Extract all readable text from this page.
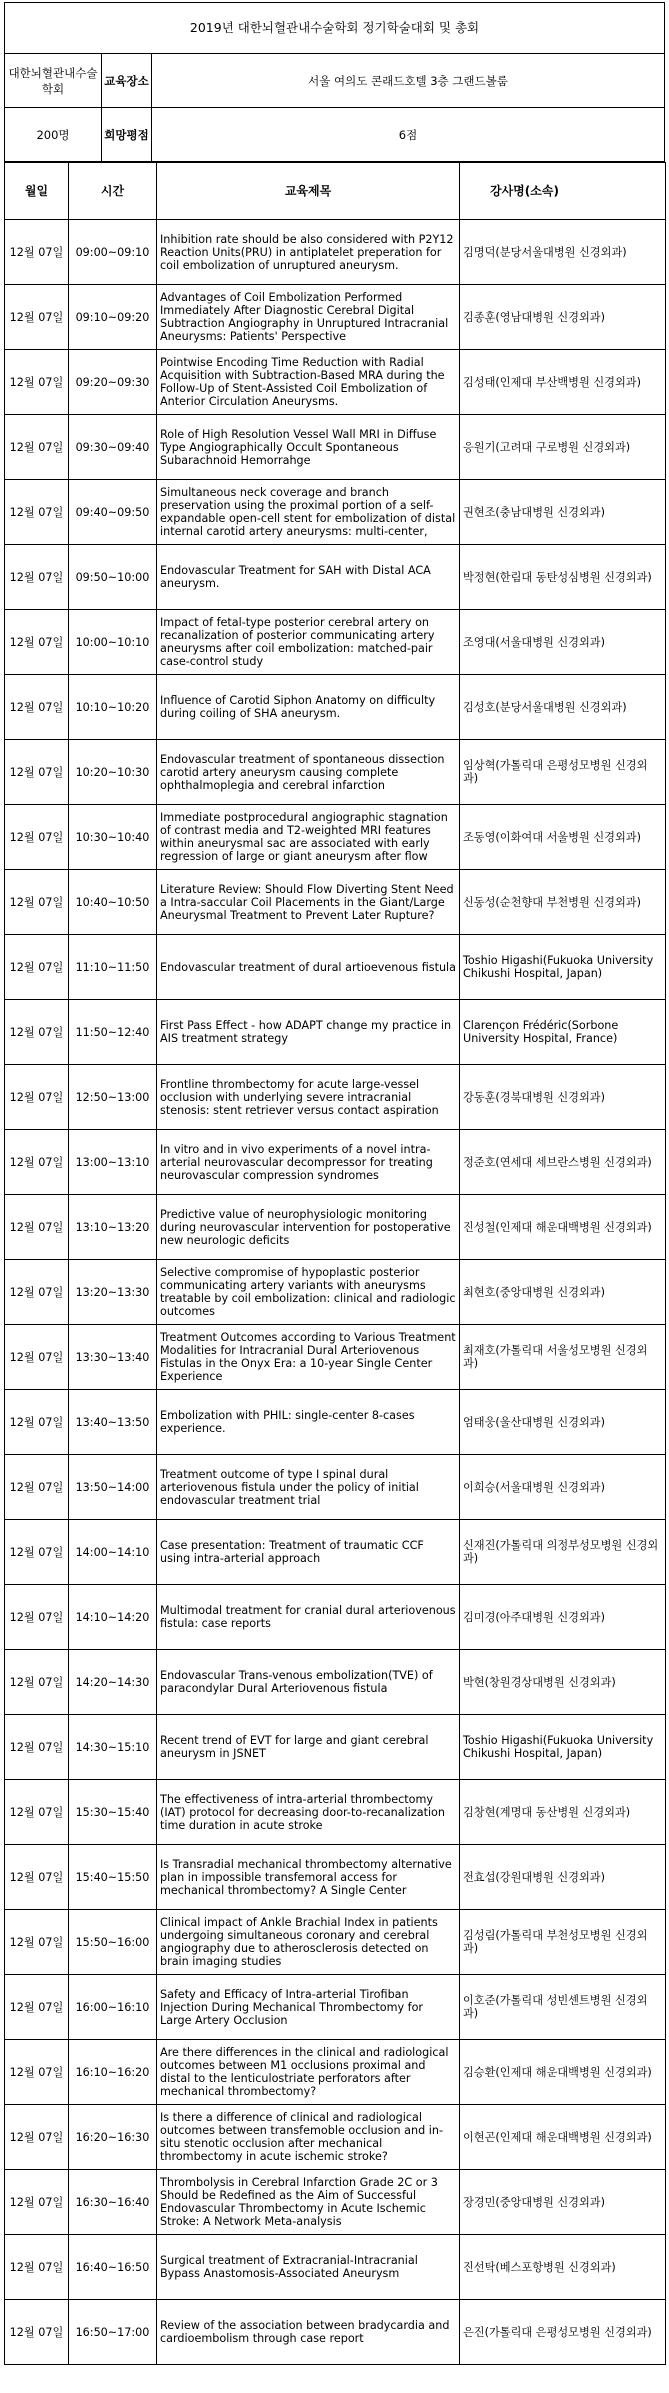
2019년 대한뇌혈관내수술학회 정기학술대회 및 총회
대한뇌혈관내수술학회	교육장소	서울 여의도 콘래드호텔 3층 그랜드볼룸
200명	희망평점	6점
월일	시간	교육제목	강사명(소속)
12월 07일	09:00~09:10	Inhibition rate should be also considered with P2Y12 Reaction Units(PRU) in antiplatelet preperation for coil embolization of unruptured aneurysm.	김명덕(분당서울대병원 신경외과)
12월 07일	09:10~09:20	Advantages of Coil Embolization Performed Immediately After Diagnostic Cerebral Digital Subtraction Angiography in Unruptured Intracranial Aneurysms: Patients' Perspective	김종훈(영남대병원 신경외과)
12월 07일	09:20~09:30	Pointwise Encoding Time Reduction with Radial Acquisition with Subtraction-Based MRA during the Follow-Up of Stent-Assisted Coil Embolization of Anterior Circulation Aneurysms.	김성태(인제대 부산백병원 신경외과)
12월 07일	09:30~09:40	Role of High Resolution Vessel Wall MRI in Diffuse Type Angiographically Occult Spontaneous Subarachnoid Hemorrahge	응원기(고려대 구로병원 신경외과)
12월 07일	09:40~09:50	Simultaneous neck coverage and branch preservation using the proximal portion of a self-expandable open-cell stent for embolization of distal internal carotid artery aneurysms: multi-center,	권현조(충남대병원 신경외과)
12월 07일	09:50~10:00	Endovascular Treatment for SAH with Distal ACA aneurysm.	박정현(한림대 동탄성심병원 신경외과)
12월 07일	10:00~10:10	Impact of fetal-type posterior cerebral artery on recanalization of posterior communicating artery aneurysms after coil embolization: matched-pair case-control study	조영대(서울대병원 신경외과)
12월 07일	10:10~10:20	Influence of Carotid Siphon Anatomy on difficulty during coiling of SHA aneurysm.	김성호(분당서울대병원 신경외과)
12월 07일	10:20~10:30	Endovascular treatment of spontaneous dissection carotid artery aneurysm causing complete ophthalmoplegia and cerebral infarction	임상혁(가톨릭대 은평성모병원 신경외과)
12월 07일	10:30~10:40	Immediate postprocedural angiographic stagnation of contrast media and T2-weighted MRI features within aneurysmal sac are associated with early regression of large or giant aneurysm after flow	조동영(이화여대 서울병원 신경외과)
12월 07일	10:40~10:50	Literature Review: Should Flow Diverting Stent Need a Intra-saccular Coil Placements in the Giant/Large Aneurysmal Treatment to Prevent Later Rupture?	신동성(순천향대 부천병원 신경외과)
12월 07일	11:10~11:50	Endovascular treatment of dural artioevenous fistula	Toshio Higashi(Fukuoka University Chikushi Hospital, Japan)
12월 07일	11:50~12:40	First Pass Effect - how ADAPT change my practice in AIS treatment strategy	Clarençon Frédéric(Sorbone University Hospital, France)
12월 07일	12:50~13:00	Frontline thrombectomy for acute large-vessel occlusion with underlying severe intracranial stenosis: stent retriever versus contact aspiration	강동훈(경북대병원 신경외과)
12월 07일	13:00~13:10	In vitro and in vivo experiments of a novel intra-arterial neurovascular decompressor for treating neurovascular compression syndromes	정준호(연세대 세브란스병원 신경외과)
12월 07일	13:10~13:20	Predictive value of neurophysiologic monitoring during neurovascular intervention for postoperative new neurologic deficits	진성철(인제대 해운대백병원 신경외과)
12월 07일	13:20~13:30	Selective compromise of hypoplastic posterior communicating artery variants with aneurysms treatable by coil embolization: clinical and radiologic outcomes	최현호(중앙대병원 신경외과)
12월 07일	13:30~13:40	Treatment Outcomes according to Various Treatment Modalities for Intracranial Dural Arteriovenous Fistulas in the Onyx Era: a 10-year Single Center Experience	최재호(가톨릭대 서울성모병원 신경외과)
12월 07일	13:40~13:50	Embolization with PHIL: single-center 8-cases experience.	엄태웅(울산대병원 신경외과)
12월 07일	13:50~14:00	Treatment outcome of type I spinal dural arteriovenous fistula under the policy of initial endovascular treatment trial	이희승(서울대병원 신경외과)
12월 07일	14:00~14:10	Case presentation: Treatment of traumatic CCF using intra-arterial approach	신재진(가톨릭대 의정부성모병원 신경외과)
12월 07일	14:10~14:20	Multimodal treatment for cranial dural arteriovenous fistula: case reports	김미경(아주대병원 신경외과)
12월 07일	14:20~14:30	Endovascular Trans-venous embolization(TVE) of paracondylar Dural Arteriovenous fistula	박현(창원경상대병원 신경외과)
12월 07일	14:30~15:10	Recent trend of EVT for large and giant cerebral aneurysm in JSNET	Toshio Higashi(Fukuoka University Chikushi Hospital, Japan)
12월 07일	15:30~15:40	The effectiveness of intra-arterial thrombectomy (IAT) protocol for decreasing door-to-recanalization time duration in acute stroke	김창현(계명대 동산병원 신경외과)
12월 07일	15:40~15:50	Is Transradial mechanical thrombectomy alternative plan in impossible transfemoral access for mechanical thrombectomy? A Single Center	전효섭(강원대병원 신경외과)
12월 07일	15:50~16:00	Clinical impact of Ankle Brachial Index in patients undergoing simultaneous coronary and cerebral angiography due to atherosclerosis detected on brain imaging studies	김성림(가톨릭대 부천성모병원 신경외과)
12월 07일	16:00~16:10	Safety and Efficacy of Intra-arterial Tirofiban Injection During Mechanical Thrombectomy for Large Artery Occlusion	이호준(가톨릭대 성빈센트병원 신경외과)
12월 07일	16:10~16:20	Are there differences in the clinical and radiological outcomes between M1 occlusions proximal and distal to the lenticulostriate perforators after mechanical thrombectomy?	김승환(인제대 해운대백병원 신경외과)
12월 07일	16:20~16:30	Is there a difference of clinical and radiological outcomes between transfemoble occlusion and in-situ stenotic occlusion after mechanical thrombectomy in acute ischemic stroke?	이현곤(인제대 해운대백병원 신경외과)
12월 07일	16:30~16:40	Thrombolysis in Cerebral Infarction Grade 2C or 3 Should be Redefined as the Aim of Successful Endovascular Thrombectomy in Acute Ischemic Stroke: A Network Meta-analysis	장경민(중앙대병원 신경외과)
12월 07일	16:40~16:50	Surgical treatment of Extracranial-Intracranial Bypass Anastomosis-Associated Aneurysm	진선탁(베스포항병원 신경외과)
12월 07일	16:50~17:00	Review of the association between bradycardia and cardioembolism through case report	은진(가톨릭대 은평성모병원 신경외과)
